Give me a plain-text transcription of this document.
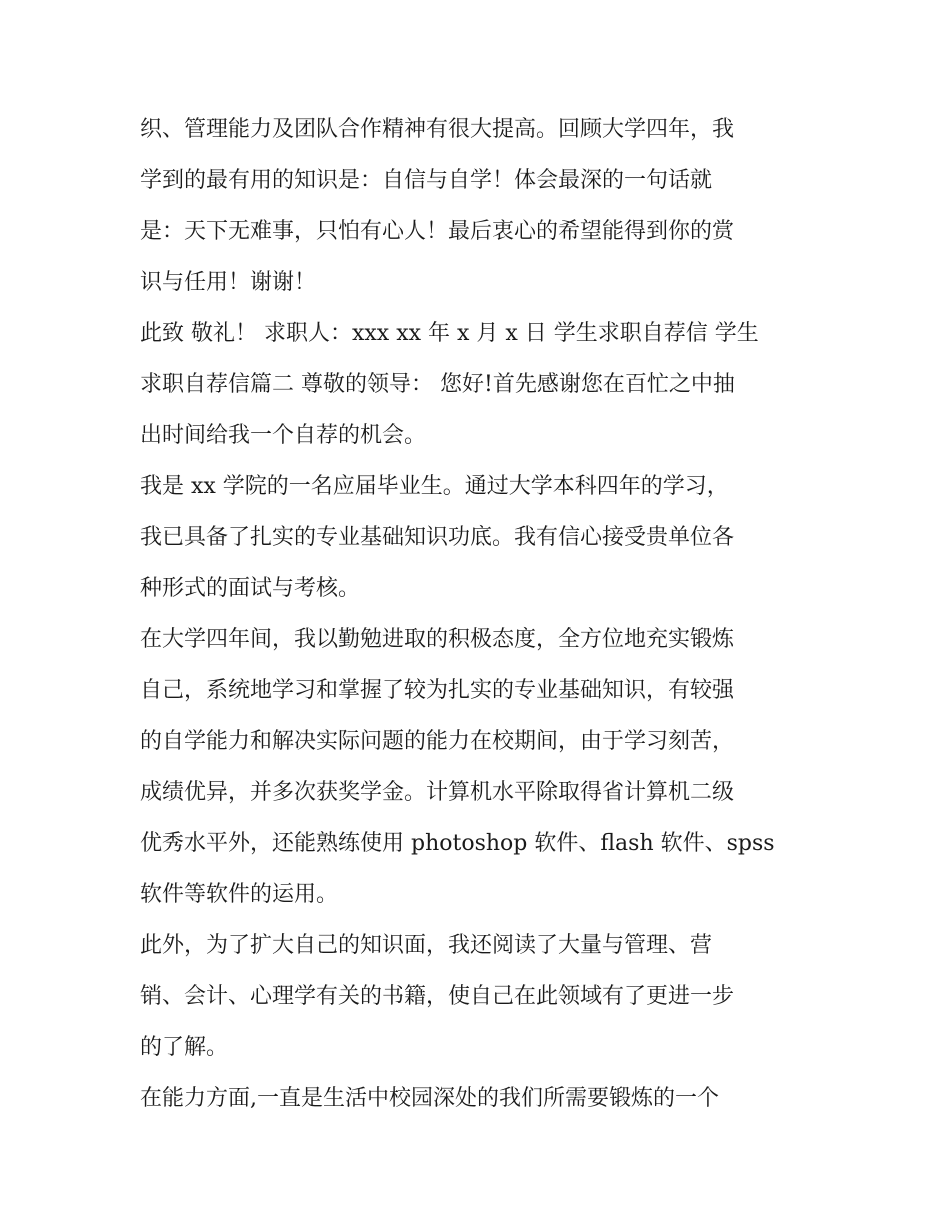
织、管理能力及团队合作精神有很大提高。回顾大学四年，我
学到的最有用的知识是：自信与自学！体会最深的一句话就
是：天下无难事，只怕有心人！最后衷心的希望能得到你的赏
识与任用！谢谢！
此致 敬礼！ 求职人：xxx xx 年 x 月 x 日 学生求职自荐信 学生
求职自荐信篇二 尊敬的领导： 您好!首先感谢您在百忙之中抽
出时间给我一个自荐的机会。
我是 xx 学院的一名应届毕业生。通过大学本科四年的学习，
我已具备了扎实的专业基础知识功底。我有信心接受贵单位各
种形式的面试与考核。
在大学四年间，我以勤勉进取的积极态度，全方位地充实锻炼
自己，系统地学习和掌握了较为扎实的专业基础知识，有较强
的自学能力和解决实际问题的能力在校期间，由于学习刻苦，
成绩优异，并多次获奖学金。计算机水平除取得省计算机二级
优秀水平外，还能熟练使用 photoshop 软件、flash 软件、spss
软件等软件的运用。
此外，为了扩大自己的知识面，我还阅读了大量与管理、营
销、会计、心理学有关的书籍，使自己在此领域有了更进一步
的了解。
在能力方面,一直是生活中校园深处的我们所需要锻炼的一个
